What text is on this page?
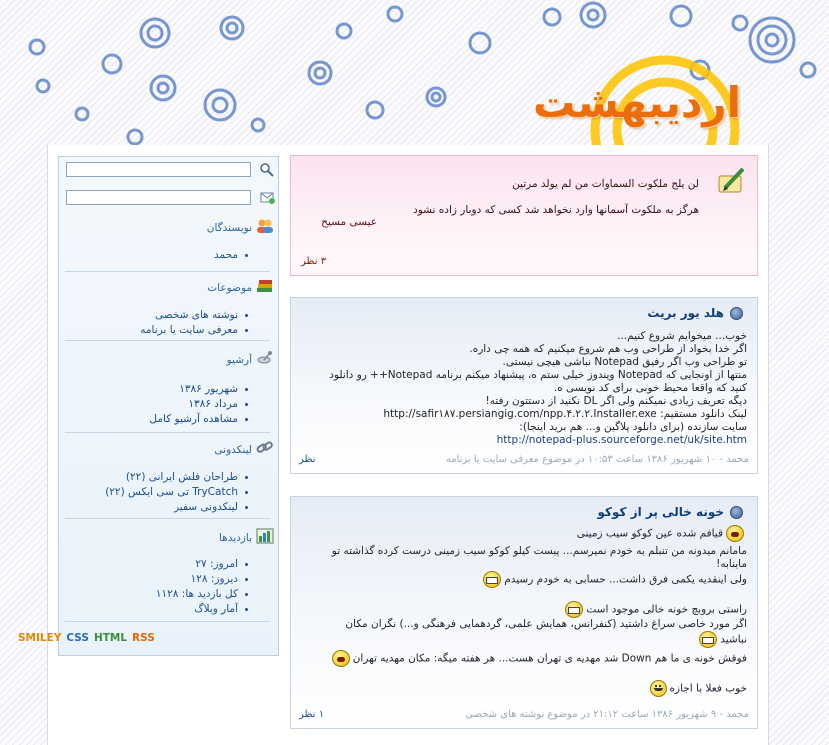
اردیبهشت
نویسندگان
محمد
موضوعات
نوشته های شخصی
معرفی سایت یا برنامه
آرشیو
شهریور ۱۳۸۶
مرداد ۱۳۸۶
مشاهده آرشیو کامل
لینکدونی
طراحان فلش ایرانی (۲۲)
TryCatch تی سی ایکس (۲۲)
لینکدونی سفیر
بازدیدها
امروز: ۲۷
دیروز: ۱۲۸
کل بازدید ها: ۱۱۲۸
آمار وبلاگ
SMILEY CSS HTML RSS
لن یلج ملکوت السماوات من لم یولد مرتین
هرگز به ملکوت آسمانها وارد نخواهد شد کسی که دوبار زاده نشود
عیسی مسیح
۳ نظر
هلد یور بریث

خوب... میخوایم شروع کنیم...

اگر خدا بخواد از طراحی وب هم شروع میکنیم که همه چی داره.

تو طراحی وب اگر رفیق Notepad نباشی هیچی نیستی.

منتها از اونجایی که Notepad ویندوز خیلی ستم ه، پیشنهاد میکنم برنامه Notepad++ رو دانلود

کنید که واقعا محیط خوبی برای کد نویسی ه.

دیگه تعریف زیادی نمیکنم ولی اگر DL نکنید از دستتون رفته!

لینک دانلود مستقیم: http://safir۱۸۷.persiangig.com/npp.۴.۲.۲.Installer.exe

سایت سازنده (برای دانلود پلاگین و... هم برید اینجا):

http://notepad-plus.sourceforge.net/uk/site.htm

محمد - ۱۰ شهریور ۱۳۸۶ ساعت ۱۰:۵۳ در موضوع معرفی سایت یا برنامه
نظر
خونه خالی پر از کوکو

قیافم شده عین کوکو سیب زمینی

مامانم میدونه من تنبلم به خودم نمیرسم... پیست کیلو کوکو سیب زمینی درست کرده گذاشته تو

ماینابه!

ولی اینقدیه یکمی فرق داشت... حسابی به خودم رسیدم

راستی بروبچ خونه خالی موجود است

اگر مورد خاصی سراغ داشتید (کنفرانس، همایش علمی، گردهمایی فرهنگی و...) نگران مکان

نباشید

فوقش خونه ی ما هم Down شد مهدیه ی تهران هست... هر هفته میگه: مکان مهدیه تهران

خوب فعلا با اجازه

محمد - ۹ شهریور ۱۳۸۶ ساعت ۲۱:۱۲ در موضوع نوشته های شخصی
۱ نظر
